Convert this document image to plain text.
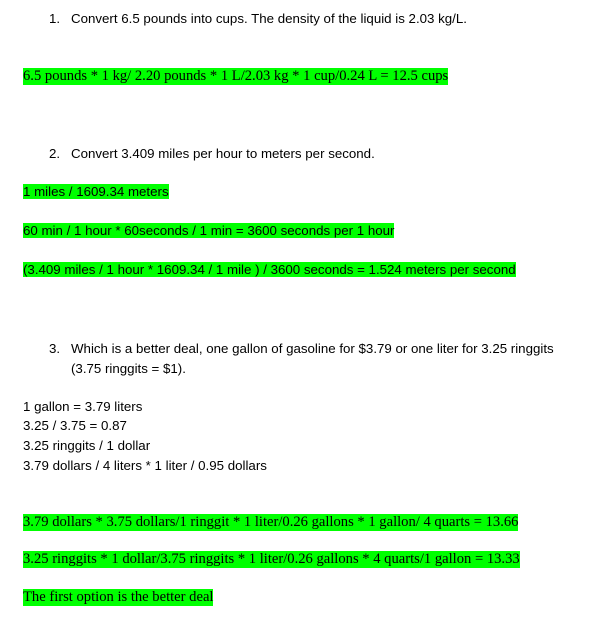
1. Convert 6.5 pounds into cups. The density of the liquid is 2.03 kg/L.
6.5 pounds * 1 kg/ 2.20 pounds * 1 L/2.03 kg * 1 cup/0.24 L = 12.5 cups
2. Convert 3.409 miles per hour to meters per second.
1 miles / 1609.34 meters
60 min / 1 hour * 60seconds / 1 min = 3600 seconds per 1 hour
(3.409 miles / 1 hour * 1609.34 / 1 mile ) / 3600 seconds = 1.524 meters per second
3. Which is a better deal, one gallon of gasoline for $3.79 or one liter for 3.25 ringgits
(3.75 ringgits = $1).
1 gallon = 3.79 liters
3.25 / 3.75 = 0.87
3.25 ringgits / 1 dollar
3.79 dollars / 4 liters * 1 liter / 0.95 dollars
3.79 dollars * 3.75 dollars/1 ringgit * 1 liter/0.26 gallons * 1 gallon/ 4 quarts = 13.66
3.25 ringgits * 1 dollar/3.75 ringgits * 1 liter/0.26 gallons * 4 quarts/1 gallon = 13.33
The first option is the better deal
